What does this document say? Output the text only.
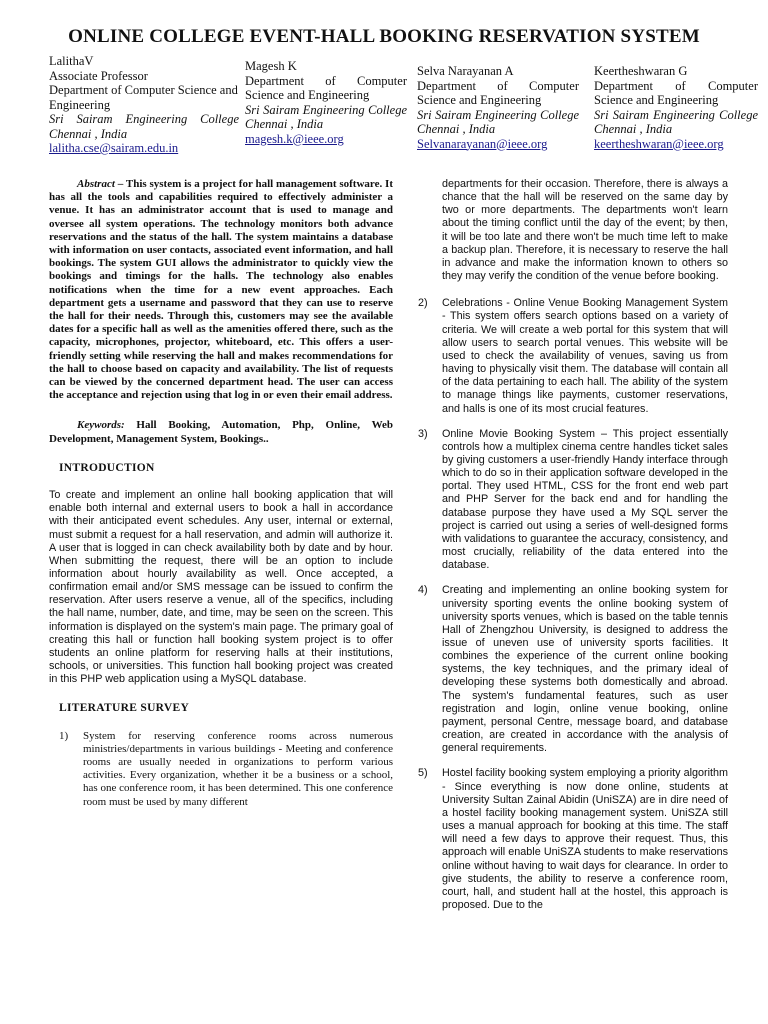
ONLINE COLLEGE EVENT-HALL BOOKING RESERVATION SYSTEM
LalithaV
Associate Professor
Department of Computer Science and Engineering
Sri Sairam Engineering College Chennai , India
lalitha.cse@sairam.edu.in
Magesh K
Department of Computer Science and Engineering
Sri Sairam Engineering College Chennai , India
magesh.k@ieee.org
Selva Narayanan A
Department of Computer Science and Engineering
Sri Sairam Engineering College Chennai , India
Selvanarayanan@ieee.org
Keertheshwaran G
Department of Computer Science and Engineering
Sri Sairam Engineering College Chennai , India
keertheshwaran@ieee.org

Abstract – This system is a project for hall management software. It has all the tools and capabilities required to effectively administer a venue. It has an administrator account that is used to manage and oversee all system operations. The technology monitors both advance reservations and the status of the hall. The system maintains a database with information on user contacts, associated event information, and hall bookings. The system GUI allows the administrator to quickly view the bookings and timings for the halls. The technology also enables notifications when the time for a new event approaches. Each department gets a username and password that they can use to reserve the hall for their needs. Through this, customers may see the available dates for a specific hall as well as the amenities offered there, such as the capacity, microphones, projector, whiteboard, etc. This offers a user-friendly setting while reserving the hall and makes recommendations for the hall to choose based on capacity and availability. The list of requests can be viewed by the concerned department head. The user can access the acceptance and rejection using that log in or even their email address.

Keywords: Hall Booking, Automation, Php, Online, Web Development, Management System, Bookings..

INTRODUCTION

To create and implement an online hall booking application that will enable both internal and external users to book a hall in accordance with their anticipated event schedules. Any user, internal or external, must submit a request for a hall reservation, and admin will authorize it. A user that is logged in can check availability both by date and by hour. When submitting the request, there will be an option to include information about hourly availability as well. Once accepted, a confirmation email and/or SMS message can be issued to confirm the reservation. After users reserve a venue, all of the specifics, including the hall name, number, date, and time, may be seen on the screen. This information is displayed on the system's main page. The primary goal of creating this hall or function hall booking system project is to offer students an online platform for reserving halls at their institutions, schools, or universities. This function hall booking project was created in this PHP web application using a MySQL database.

LITERATURE SURVEY
1)	System for reserving conference rooms across numerous ministries/departments in various buildings - Meeting and conference rooms are usually needed in organizations to perform various activities. Every organization, whether it be a business or a school, has one conference room, it has been determined. This one conference room must be used by many different

departments for their occasion. Therefore, there is always a chance that the hall will be reserved on the same day by two or more departments. The departments won't learn about the timing conflict until the day of the event; by then, it will be too late and there won't be much time left to make a backup plan. Therefore, it is necessary to reserve the hall in advance and make the information known to others so they may verify the condition of the venue before booking.

2)	Celebrations - Online Venue Booking Management System - This system offers search options based on a variety of criteria. We will create a web portal for this system that will allow users to search portal venues. This website will be used to check the availability of venues, saving us from having to physically visit them. The database will contain all of the data pertaining to each hall. The ability of the system to manage things like payments, customer reservations, and halls is one of its most crucial features.
3)	Online Movie Booking System – This project essentially controls how a multiplex cinema centre handles ticket sales by giving customers a user-friendly Handy interface through which to do so in their application software developed in the portal. They used HTML, CSS for the front end web part and PHP Server for the back end and for handling the database purpose they have used a My SQL server the project is carried out using a series of well-designed forms with validations to guarantee the accuracy, consistency, and most crucially, reliability of the data entered into the database.
4)	Creating and implementing an online booking system for university sporting events the online booking system of university sports venues, which is based on the table tennis Hall of Zhengzhou University, is designed to address the issue of uneven use of university sports facilities. It combines the experience of the current online booking systems, the key techniques, and the primary ideal of developing these systems both domestically and abroad. The system's fundamental features, such as user registration and login, online venue booking, online payment, personal Centre, message board, and database creation, are created in accordance with the analysis of general requirements.
5)	Hostel facility booking system employing a priority algorithm - Since everything is now done online, students at University Sultan Zainal Abidin (UniSZA) are in dire need of a hostel facility booking management system. UniSZA still uses a manual approach for booking at this time. The staff will need a few days to approve their request. Thus, this approach will enable UniSZA students to make reservations online without having to wait days for clearance. In order to give students, the ability to reserve a conference room, court, hall, and student hall at the hostel, this approach is proposed. Due to the
